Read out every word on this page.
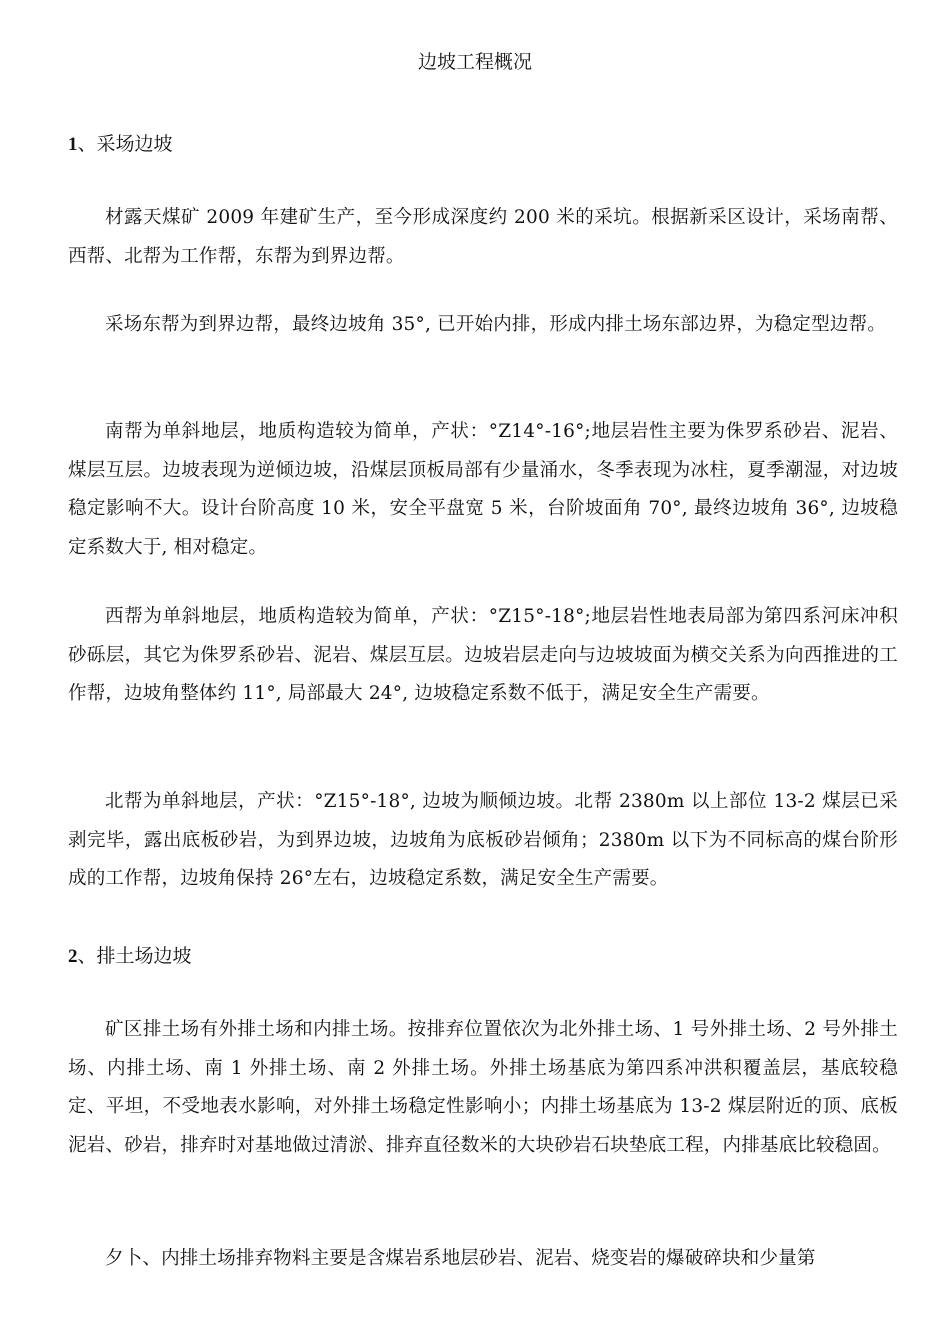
边坡工程概况
1、采场边坡

材露天煤矿 2009 年建矿生产，至今形成深度约 200 米的采坑。根据新采区设计，采场南帮、西帮、北帮为工作帮，东帮为到界边帮。

采场东帮为到界边帮，最终边坡角 35°, 已开始内排，形成内排土场东部边界，为稳定型边帮。

南帮为单斜地层，地质构造较为简单，产状：°Z14°-16°;地层岩性主要为侏罗系砂岩、泥岩、煤层互层。边坡表现为逆倾边坡，沿煤层顶板局部有少量涌水，冬季表现为冰柱，夏季潮湿，对边坡稳定影响不大。设计台阶高度 10 米，安全平盘宽 5 米，台阶坡面角 70°, 最终边坡角 36°, 边坡稳定系数大于, 相对稳定。

西帮为单斜地层，地质构造较为简单，产状：°Z15°-18°;地层岩性地表局部为第四系河床冲积砂砾层，其它为侏罗系砂岩、泥岩、煤层互层。边坡岩层走向与边坡坡面为横交关系为向西推进的工作帮，边坡角整体约 11°, 局部最大 24°, 边坡稳定系数不低于，满足安全生产需要。

北帮为单斜地层，产状：°Z15°-18°, 边坡为顺倾边坡。北帮 2380m 以上部位 13-2 煤层已采剥完毕，露出底板砂岩，为到界边坡，边坡角为底板砂岩倾角；2380m 以下为不同标高的煤台阶形成的工作帮，边坡角保持 26°左右，边坡稳定系数，满足安全生产需要。

2、排土场边坡

矿区排土场有外排土场和内排土场。按排弃位置依次为北外排土场、1 号外排土场、2 号外排土场、内排土场、南 1 外排土场、南 2 外排土场。外排土场基底为第四系冲洪积覆盖层，基底较稳定、平坦，不受地表水影响，对外排土场稳定性影响小；内排土场基底为 13-2 煤层附近的顶、底板泥岩、砂岩，排弃时对基地做过清淤、排弃直径数米的大块砂岩石块垫底工程，内排基底比较稳固。

夕卜、内排土场排弃物料主要是含煤岩系地层砂岩、泥岩、烧变岩的爆破碎块和少量第
